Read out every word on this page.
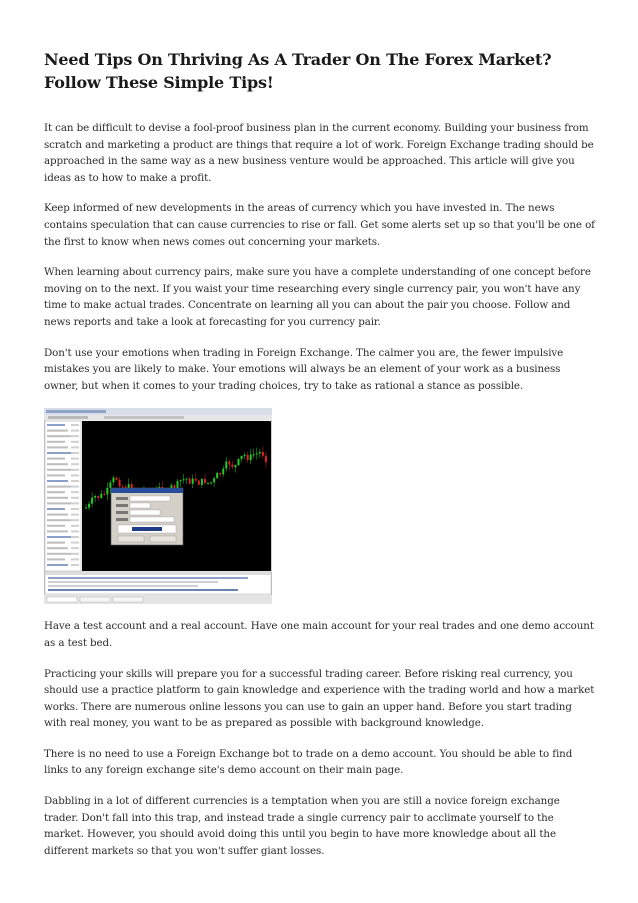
Need Tips On Thriving As A Trader On The Forex Market? Follow These Simple Tips!

It can be difficult to devise a fool-proof business plan in the current economy. Building your business from scratch and marketing a product are things that require a lot of work. Foreign Exchange trading should be approached in the same way as a new business venture would be approached. This article will give you ideas as to how to make a profit.

Keep informed of new developments in the areas of currency which you have invested in. The news contains speculation that can cause currencies to rise or fall. Get some alerts set up so that you'll be one of the first to know when news comes out concerning your markets.

When learning about currency pairs, make sure you have a complete understanding of one concept before moving on to the next. If you waist your time researching every single currency pair, you won't have any time to make actual trades. Concentrate on learning all you can about the pair you choose. Follow and news reports and take a look at forecasting for you currency pair.

Don't use your emotions when trading in Foreign Exchange. The calmer you are, the fewer impulsive mistakes you are likely to make. Your emotions will always be an element of your work as a business owner, but when it comes to your trading choices, try to take as rational a stance as possible.

Have a test account and a real account. Have one main account for your real trades and one demo account as a test bed.

Practicing your skills will prepare you for a successful trading career. Before risking real currency, you should use a practice platform to gain knowledge and experience with the trading world and how a market works. There are numerous online lessons you can use to gain an upper hand. Before you start trading with real money, you want to be as prepared as possible with background knowledge.

There is no need to use a Foreign Exchange bot to trade on a demo account. You should be able to find links to any foreign exchange site's demo account on their main page.

Dabbling in a lot of different currencies is a temptation when you are still a novice foreign exchange trader. Don't fall into this trap, and instead trade a single currency pair to acclimate yourself to the market. However, you should avoid doing this until you begin to have more knowledge about all the different markets so that you won't suffer giant losses.
